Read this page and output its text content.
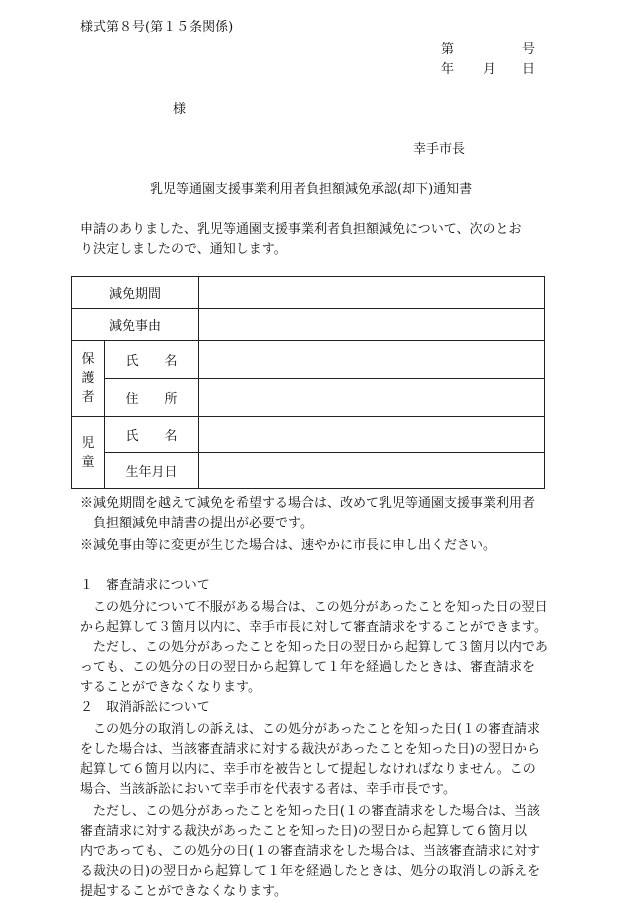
様式第８号(第１５条関係)
第	号
年 月 日
様
幸手市長
乳児等通園支援事業利用者負担額減免承認(却下)通知書
申請のありました、乳児等通園支援事業利者負担額減免について、次のとお
り決定しましたので、通知します。
減免期間		
減免事由		
保
護
者	氏　　名	
	住　　所	
児
童	氏　　名	
	生年月日	
※減免期間を越えて減免を希望する場合は、改めて乳児等通園支援事業利用者
　負担額減免申請書の提出が必要です。
※減免事由等に変更が生じた場合は、速やかに市長に申し出ください。
１　審査請求について
　この処分について不服がある場合は、この処分があったことを知った日の翌日
から起算して３箇月以内に、幸手市長に対して審査請求をすることができます。
　ただし、この処分があったことを知った日の翌日から起算して３箇月以内であ
っても、この処分の日の翌日から起算して１年を経過したときは、審査請求を
することができなくなります。
２　取消訴訟について
　この処分の取消しの訴えは、この処分があったことを知った日(１の審査請求
をした場合は、当該審査請求に対する裁決があったことを知った日)の翌日から
起算して６箇月以内に、幸手市を被告として提起しなければなりません。この
場合、当該訴訟において幸手市を代表する者は、幸手市長です。
　ただし、この処分があったことを知った日(１の審査請求をした場合は、当該
審査請求に対する裁決があったことを知った日)の翌日から起算して６箇月以
内であっても、この処分の日(１の審査請求をした場合は、当該審査請求に対す
る裁決の日)の翌日から起算して１年を経過したときは、処分の取消しの訴えを
提起することができなくなります。
